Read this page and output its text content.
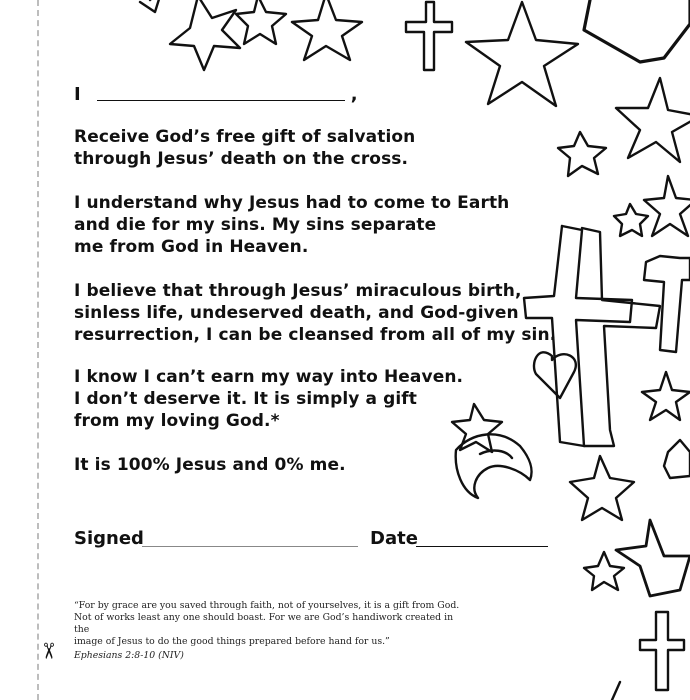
✂
I	,

Receive God’s free gift of salvation
through Jesus’ death on the cross.

I understand why Jesus had to come to Earth
and die for my sins. My sins separate
me from God in Heaven.

I believe that through Jesus’ miraculous birth,
sinless life, undeserved death, and God-given
resurrection, I can be cleansed from all of my sin.

I know I can’t earn my way into Heaven.
I don’t deserve it. It is simply a gift
from my loving God.*

It is 100% Jesus and 0% me.

Signed	Date
“For by grace are you saved through faith, not of yourselves, it is a gift from God.
Not of works least any one should boast. For we are God’s handiwork created in the
image of Jesus to do the good things prepared before hand for us.”
Ephesians 2:8-10 (NIV)
